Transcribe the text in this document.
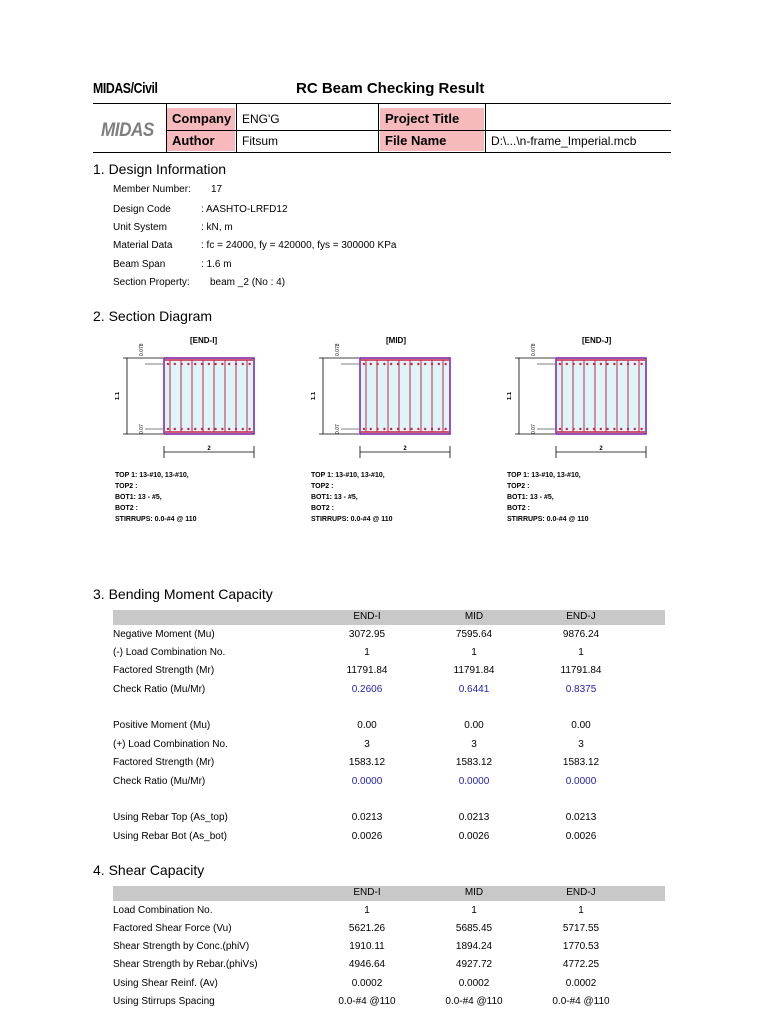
MIDAS/Civil	RC Beam Checking Result
MIDAS
Company ENG'G	Project Title
Author	Fitsum	File Name	D:\...\n-frame_Imperial.mcb
1. Design Information
Member Number: 17
Design Code	: AASHTO-LRFD12
Unit System	: kN, m
Material Data	: fc = 24000, fy = 420000, fys = 300000 KPa
Beam Span	: 1.6 m
Section Property: beam _2 (No : 4)
2. Section Diagram
[END-I]
1.1
2
0.078
0.07
TOP 1: 13-#10, 13-#10,
TOP2 :
BOT1: 13 - #5,
BOT2 :
STIRRUPS: 0.0-#4 @ 110
[MID]
1.1
2
0.078
0.07
TOP 1: 13-#10, 13-#10,
TOP2 :
BOT1: 13 - #5,
BOT2 :
STIRRUPS: 0.0-#4 @ 110
[END-J]
1.1
2
0.078
0.07
TOP 1: 13-#10, 13-#10,
TOP2 :
BOT1: 13 - #5,
BOT2 :
STIRRUPS: 0.0-#4 @ 110
3. Bending Moment Capacity
END-I	MID	END-J
Negative Moment (Mu)	3072.95	7595.64	9876.24
(-) Load Combination No.	1	1	1
Factored Strength (Mr)	11791.84	11791.84	11791.84
Check Ratio (Mu/Mr)	0.2606	0.6441	0.8375
Positive Moment (Mu)	0.00	0.00	0.00
(+) Load Combination No.	3	3	3
Factored Strength (Mr)	1583.12	1583.12	1583.12
Check Ratio (Mu/Mr)	0.0000	0.0000	0.0000
Using Rebar Top (As_top)	0.0213	0.0213	0.0213
Using Rebar Bot (As_bot)	0.0026	0.0026	0.0026
4. Shear Capacity
END-I	MID	END-J
Load Combination No.	1	1	1
Factored Shear Force (Vu)	5621.26	5685.45	5717.55
Shear Strength by Conc.(phiV)	1910.11	1894.24	1770.53
Shear Strength by Rebar.(phiVs)	4946.64	4927.72	4772.25
Using Shear Reinf. (Av)	0.0002	0.0002	0.0002
Using Stirrups Spacing	0.0-#4 @110	0.0-#4 @110	0.0-#4 @110
